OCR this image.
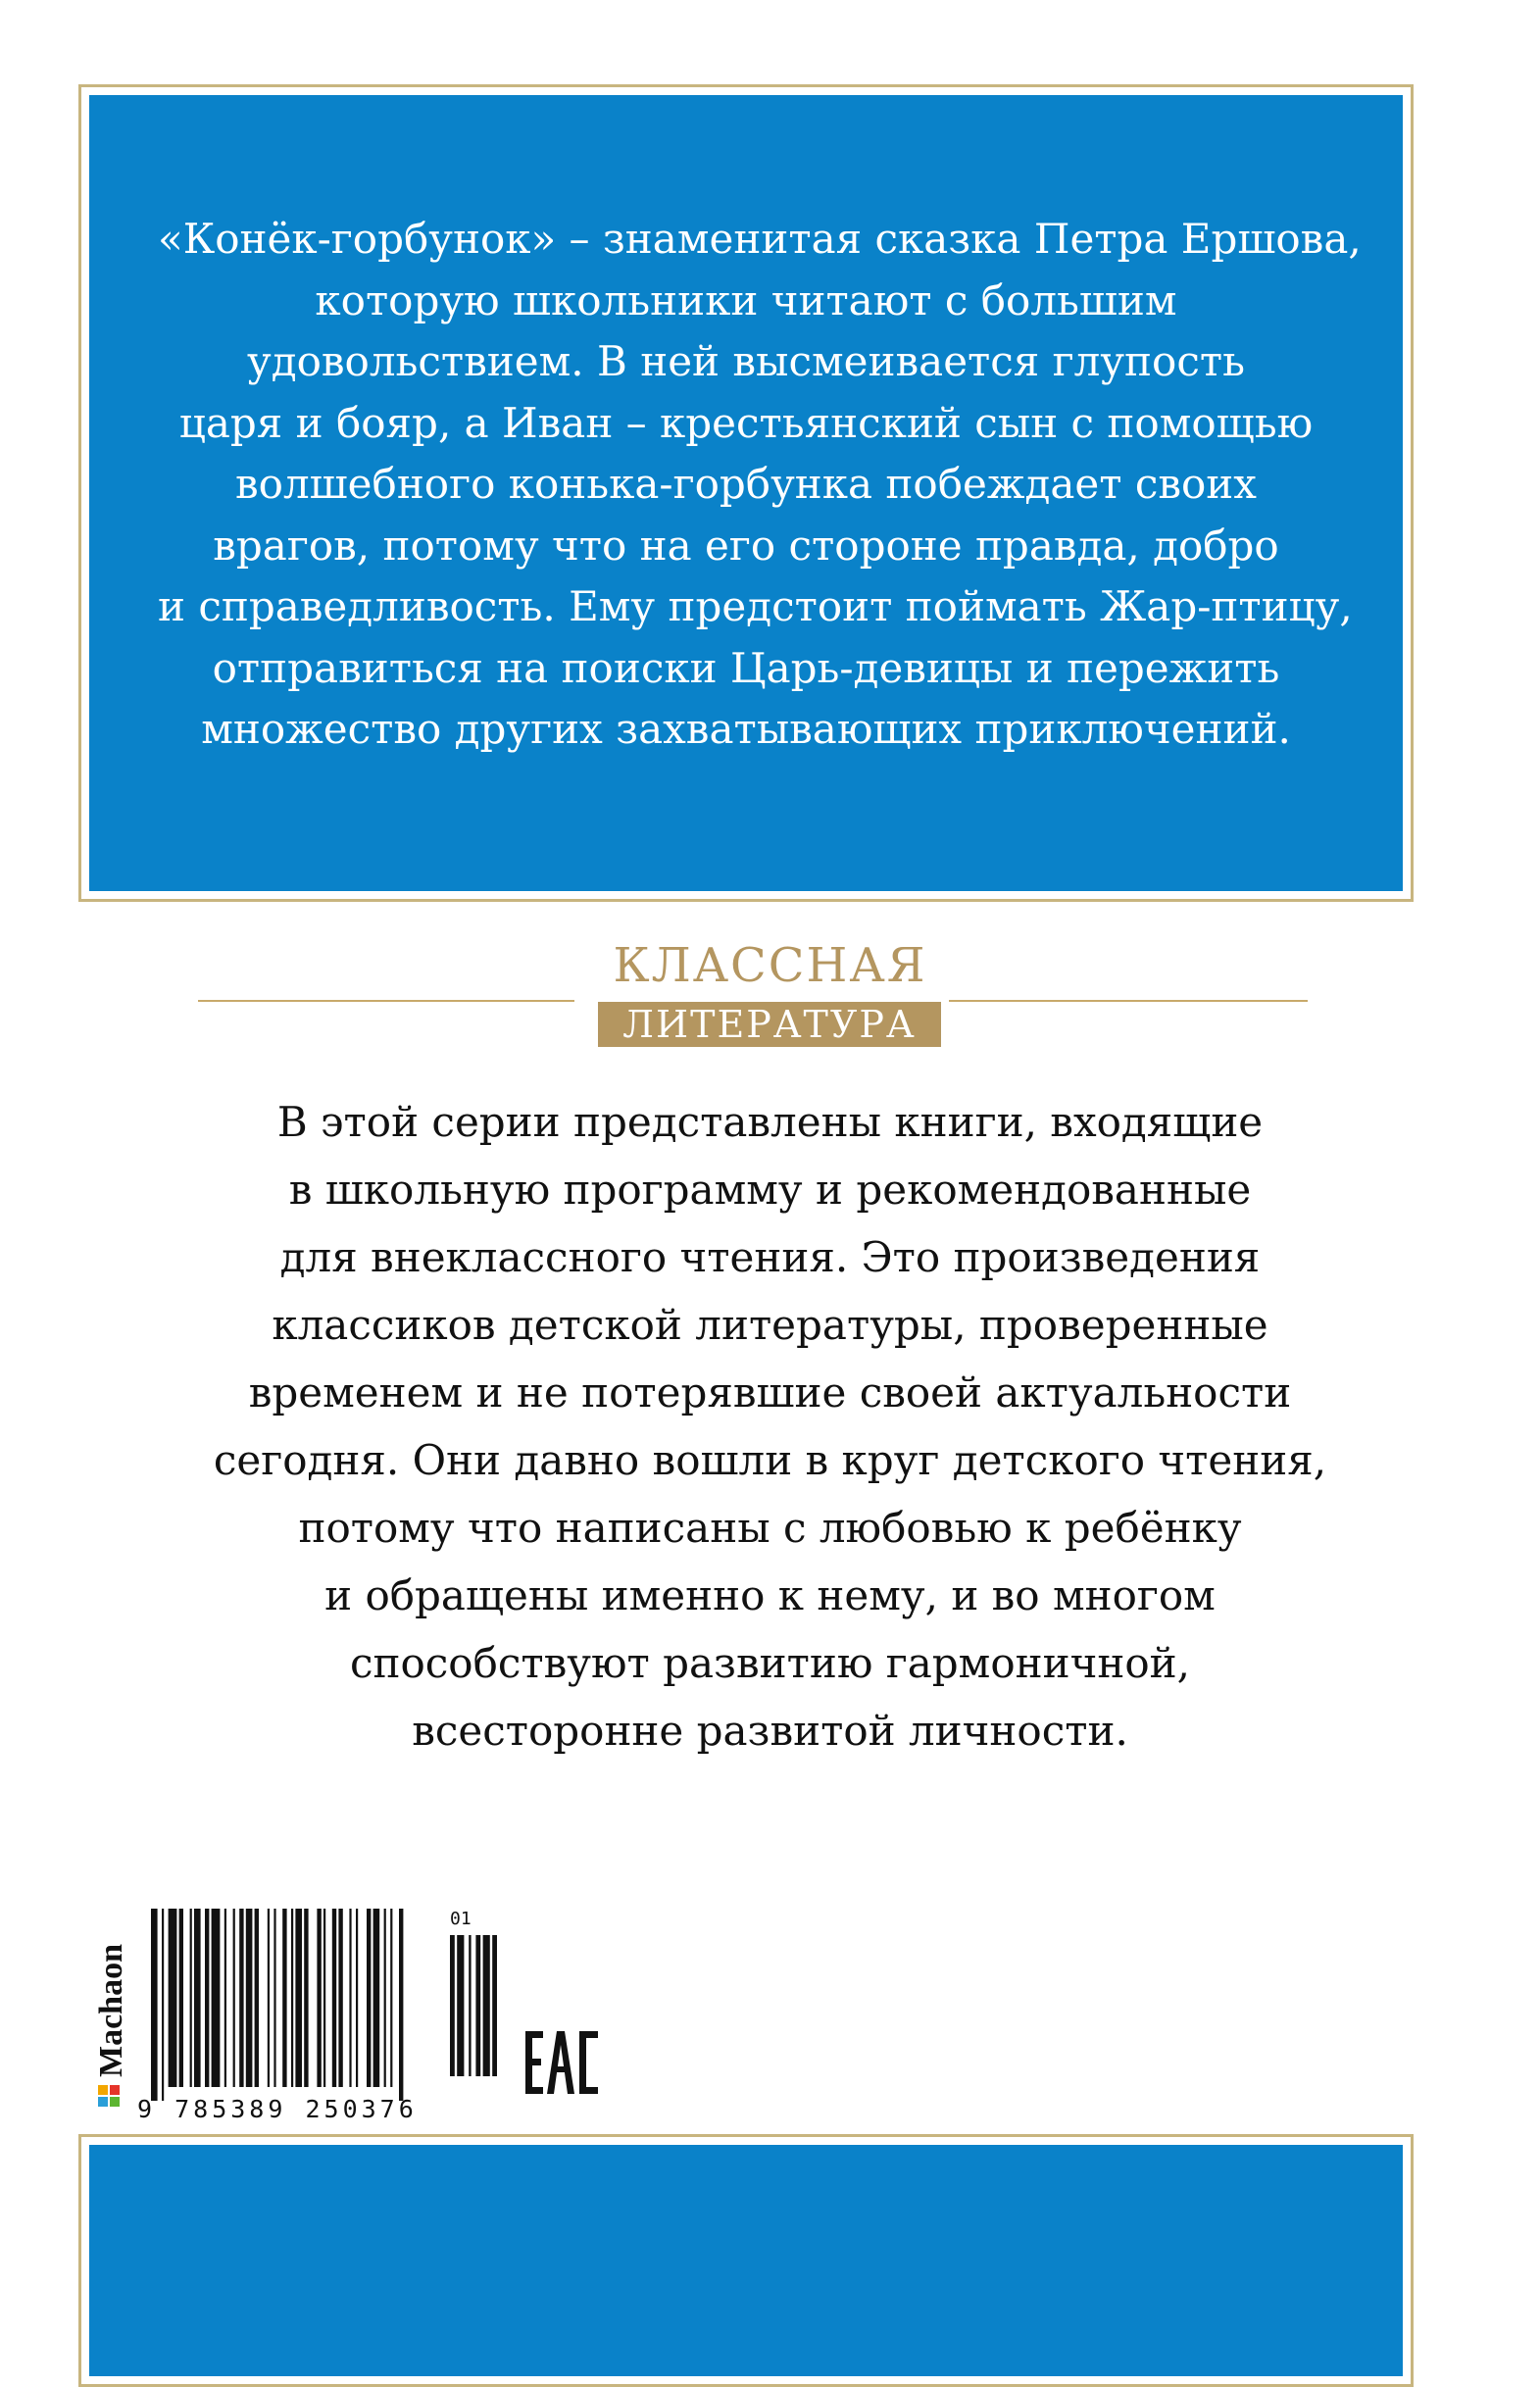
«Конёк-горбунок» – знаменитая сказка Петра Ершова,
которую школьники читают с большим
удовольствием. В ней высмеивается глупость
царя и бояр, а Иван – крестьянский сын с помощью
волшебного конька-горбунка побеждает своих
врагов, потому что на его стороне правда, добро
и справедливость. Ему предстоит поймать Жар-птицу,
отправиться на поиски Царь-девицы и пережить
множество других захватывающих приключений.

КЛАССНАЯ
ЛИТЕРАТУРА

В этой серии представлены книги, входящие
в школьную программу и рекомендованные
для внеклассного чтения. Это произведения
классиков детской литературы, проверенные
временем и не потерявшие своей актуальности
сегодня. Они давно вошли в круг детского чтения,
потому что написаны с любовью к ребёнку
и обращены именно к нему, и во многом
способствуют развитию гармоничной,
всесторонне развитой личности.

Machaon
9 785389 250376
01
